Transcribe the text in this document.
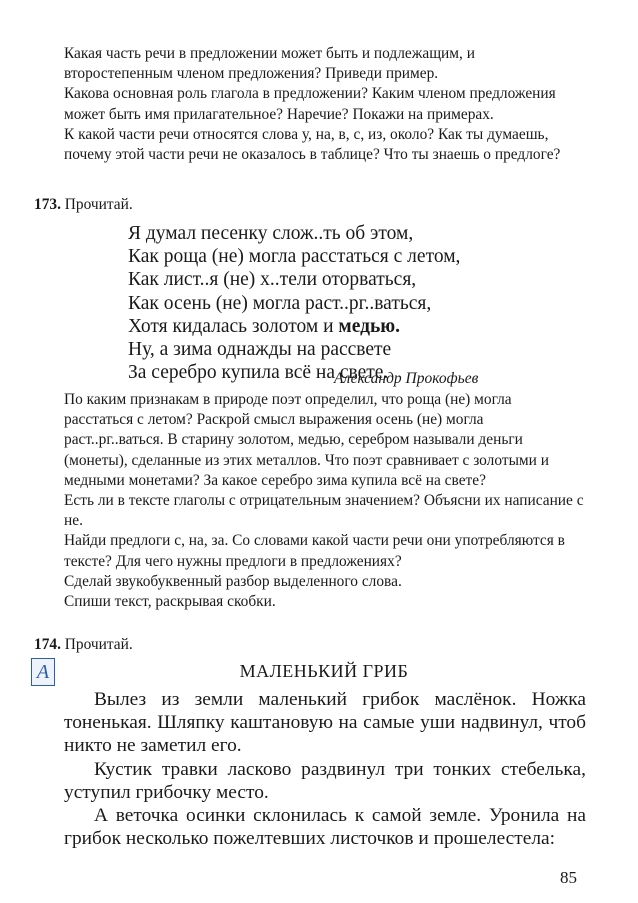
Какая часть речи в предложении может быть и подлежащим, и второстепенным членом предложения? Приведи пример.

Какова основная роль глагола в предложении? Каким членом предложения может быть имя прилагательное? Наречие? Покажи на примерах.

К какой части речи относятся слова у, на, в, с, из, около? Как ты думаешь, почему этой части речи не оказалось в таблице? Что ты знаешь о предлоге?

173. Прочитай.
Я думал песенку слож..ть об этом,
Как роща (не) могла расстаться с летом,
Как лист..я (не) х..тели оторваться,
Как осень (не) могла раст..рг..ваться,
Хотя кидалась золотом и медью.
Ну, а зима однажды на рассвете
За серебро купила всё на свете.
Александр Прокофьев

По каким признакам в природе поэт определил, что роща (не) могла расстаться с летом? Раскрой смысл выражения осень (не) могла раст..рг..ваться. В старину золотом, медью, серебром называли деньги (монеты), сделанные из этих металлов. Что поэт сравнивает с золотыми и медными монетами? За какое серебро зима купила всё на свете?

Есть ли в тексте глаголы с отрицательным значением? Объясни их написание с не.

Найди предлоги с, на, за. Со словами какой части речи они употребляются в тексте? Для чего нужны предлоги в предложениях?

Сделай звукобуквенный разбор выделенного слова.

Спиши текст, раскрывая скобки.

174. Прочитай.
А	МАЛЕНЬКИЙ ГРИБ

Вылез из земли маленький грибок маслёнок. Ножка тоненькая. Шляпку каштановую на самые уши надвинул, чтоб никто не заметил его.

Кустик травки ласково раздвинул три тонких стебелька, уступил грибочку место.

А веточка осинки склонилась к самой земле. Уронила на грибок несколько пожелтевших листочков и прошелестела:

85
